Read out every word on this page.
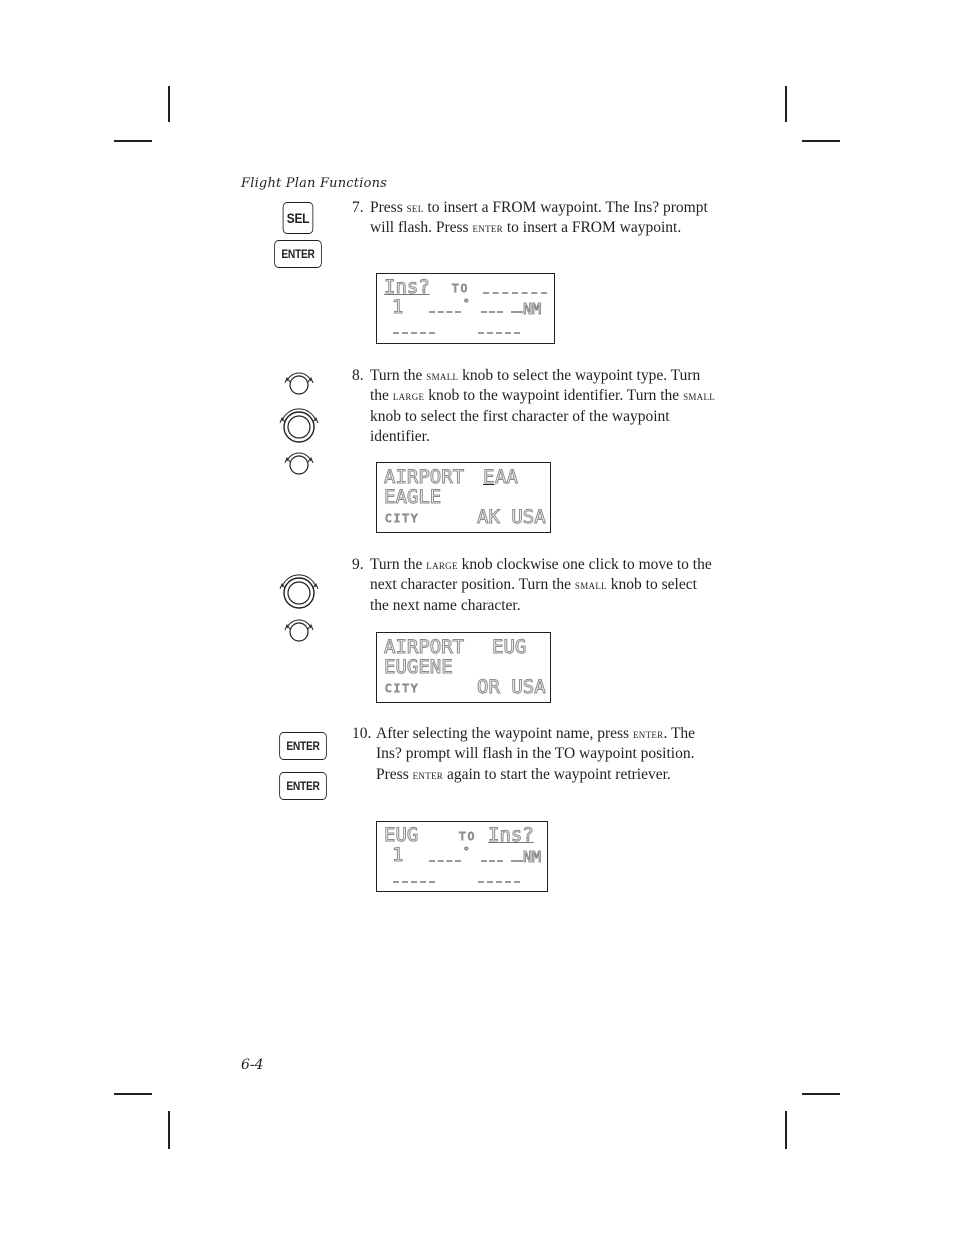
Flight Plan Functions
SEL
ENTER
7. Press sel to insert a FROM waypoint. The Ins? prompt will flash. Press enter to insert a FROM waypoint.
Ins? TO
1	°	NM
8. Turn the small knob to select the waypoint type. Turn the large knob to the waypoint identifier. Turn the small knob to select the first character of the waypoint identifier.
AIRPORT E AA
EAGLE
CITY	AK USA
9. Turn the large knob clockwise one click to move to the next character position. Turn the small knob to select the next name character.
AIRPORT EUG
EUGENE
CITY	OR USA
ENTER
ENTER
10. After selecting the waypoint name, press enter. The Ins? prompt will flash in the TO waypoint position. Press enter again to start the waypoint retriever.
EUG	TO Ins?
1	°	NM
6-4
